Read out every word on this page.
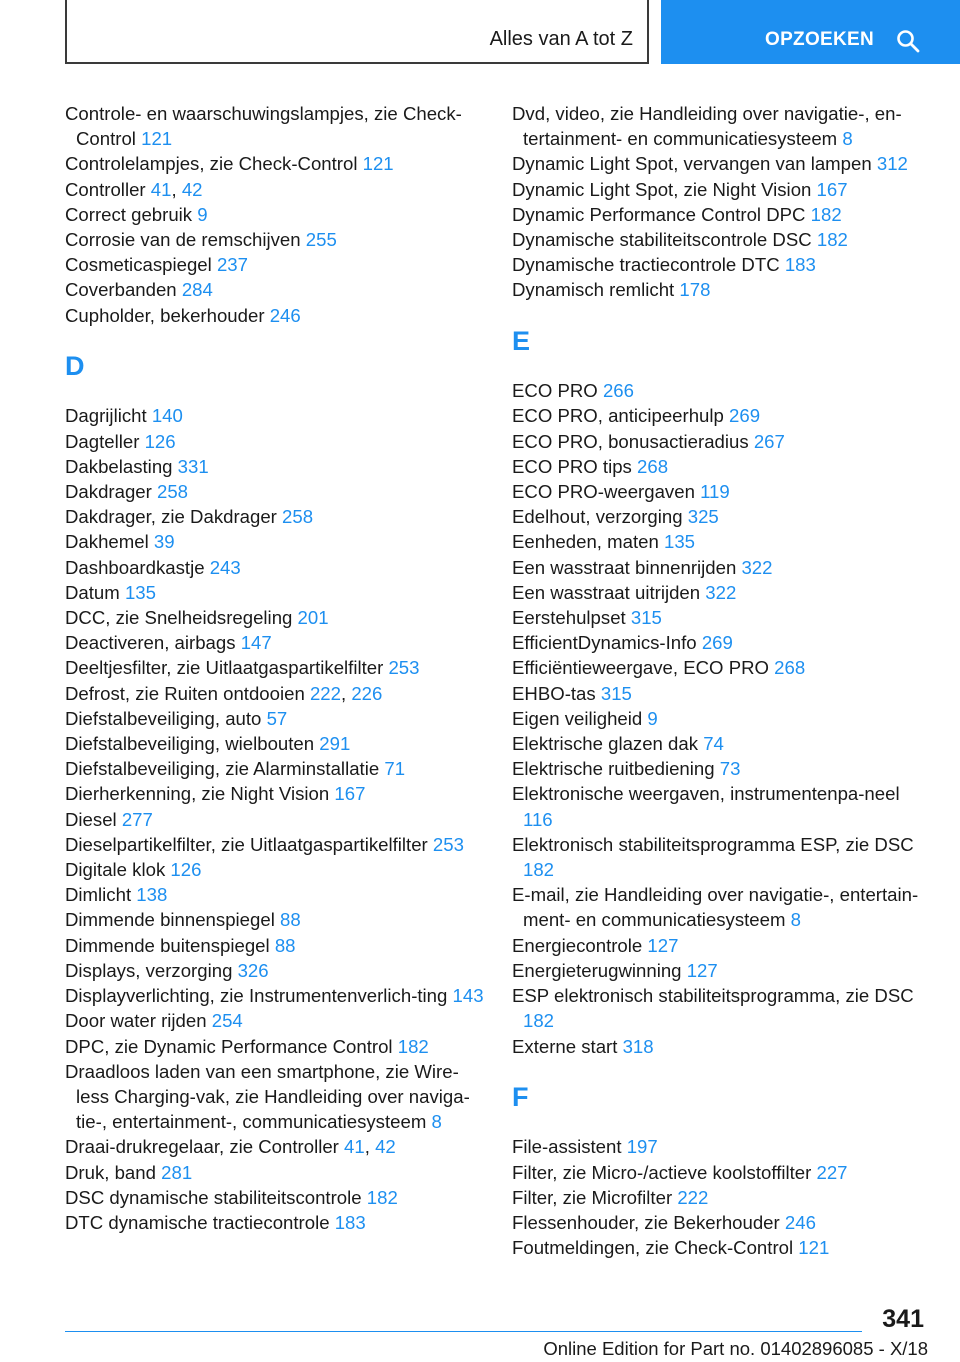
Alles van A tot Z	OPZOEKEN
Controle- en waarschuwingslampjes, zie Check-Control 121
Controlelampjes, zie Check-Control 121
Controller 41, 42
Correct gebruik 9
Corrosie van de remschijven 255
Cosmeticaspiegel 237
Coverbanden 284
Cupholder, bekerhouder 246
D
Dagrijlicht 140
Dagteller 126
Dakbelasting 331
Dakdrager 258
Dakdrager, zie Dakdrager 258
Dakhemel 39
Dashboardkastje 243
Datum 135
DCC, zie Snelheidsregeling 201
Deactiveren, airbags 147
Deeltjesfilter, zie Uitlaatgaspartikelfilter 253
Defrost, zie Ruiten ontdooien 222, 226
Diefstalbeveiliging, auto 57
Diefstalbeveiliging, wielbouten 291
Diefstalbeveiliging, zie Alarminstallatie 71
Dierherkenning, zie Night Vision 167
Diesel 277
Dieselpartikelfilter, zie Uitlaatgaspartikelfilter 253
Digitale klok 126
Dimlicht 138
Dimmende binnenspiegel 88
Dimmende buitenspiegel 88
Displays, verzorging 326
Displayverlichting, zie Instrumentenverlich-ting 143
Door water rijden 254
DPC, zie Dynamic Performance Control 182
Draadloos laden van een smartphone, zie Wire-less Charging-vak, zie Handleiding over naviga-tie-, entertainment-, communicatiesysteem 8
Draai-drukregelaar, zie Controller 41, 42
Druk, band 281
DSC dynamische stabiliteitscontrole 182
DTC dynamische tractiecontrole 183
Dvd, video, zie Handleiding over navigatie-, en-tertainment- en communicatiesysteem 8
Dynamic Light Spot, vervangen van lampen 312
Dynamic Light Spot, zie Night Vision 167
Dynamic Performance Control DPC 182
Dynamische stabiliteitscontrole DSC 182
Dynamische tractiecontrole DTC 183
Dynamisch remlicht 178
E
ECO PRO 266
ECO PRO, anticipeerhulp 269
ECO PRO, bonusactieradius 267
ECO PRO tips 268
ECO PRO-weergaven 119
Edelhout, verzorging 325
Eenheden, maten 135
Een wasstraat binnenrijden 322
Een wasstraat uitrijden 322
Eerstehulpset 315
EfficientDynamics-Info 269
Efficiëntieweergave, ECO PRO 268
EHBO-tas 315
Eigen veiligheid 9
Elektrische glazen dak 74
Elektrische ruitbediening 73
Elektronische weergaven, instrumentenpa-neel 116
Elektronisch stabiliteitsprogramma ESP, zie DSC 182
E-mail, zie Handleiding over navigatie-, entertain-ment- en communicatiesysteem 8
Energiecontrole 127
Energieterugwinning 127
ESP elektronisch stabiliteitsprogramma, zie DSC 182
Externe start 318
F
File-assistent 197
Filter, zie Micro-/actieve koolstoffilter 227
Filter, zie Microfilter 222
Flessenhouder, zie Bekerhouder 246
Foutmeldingen, zie Check-Control 121
341
Online Edition for Part no. 01402896085 - X/18
